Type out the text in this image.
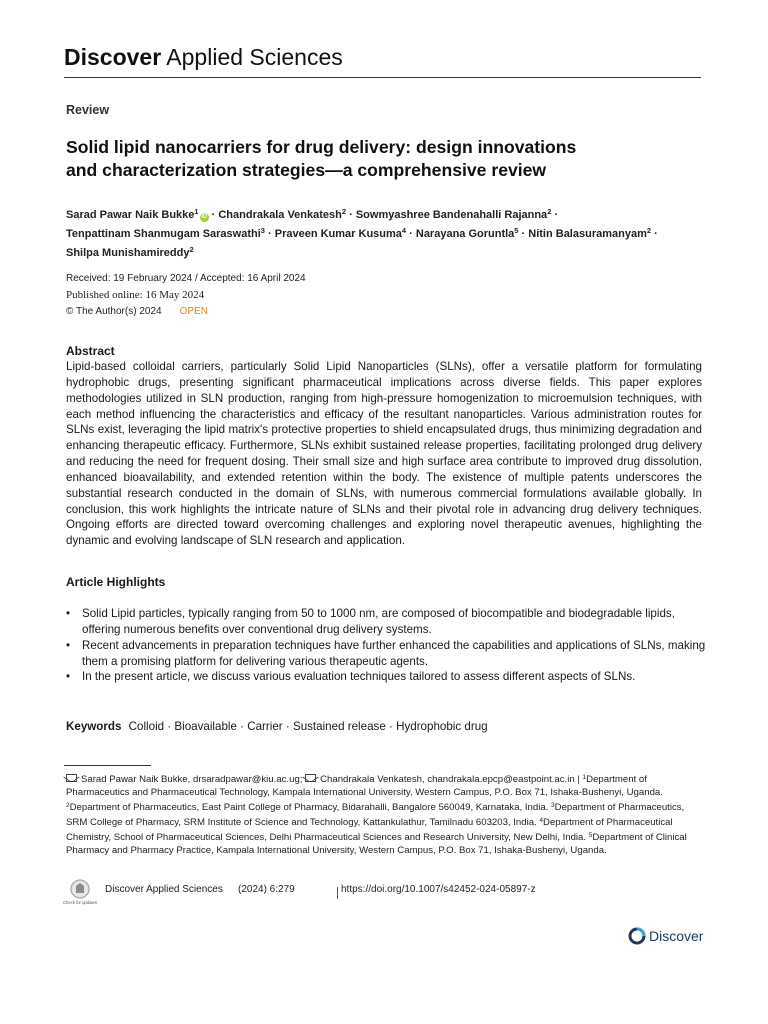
Discover Applied Sciences
Review
Solid lipid nanocarriers for drug delivery: design innovations
and characterization strategies—a comprehensive review
Sarad Pawar Naik Bukke$^1$iD · Chandrakala Venkatesh$^2$ · Sowmyashree Bandenahalli Rajanna$^2$ ·
Tenpattinam Shanmugam Saraswathi$^3$ · Praveen Kumar Kusuma$^4$ · Narayana Goruntla$^5$ · Nitin Balasuramanyam$^2$ ·
Shilpa Munishamireddy$^2$
Received: 19 February 2024 / Accepted: 16 April 2024
Published online: 16 May 2024
© The Author(s) 2024 OPEN
Abstract
Lipid-based colloidal carriers, particularly Solid Lipid Nanoparticles (SLNs), offer a versatile platform for formulating hydrophobic drugs, presenting significant pharmaceutical implications across diverse fields. This paper explores methodologies utilized in SLN production, ranging from high-pressure homogenization to microemulsion techniques, with each method influencing the characteristics and efficacy of the resultant nanoparticles. Various administration routes for SLNs exist, leveraging the lipid matrix's protective properties to shield encapsulated drugs, thus minimizing degradation and enhancing therapeutic efficacy. Furthermore, SLNs exhibit sustained release properties, facilitating prolonged drug delivery and reducing the need for frequent dosing. Their small size and high surface area contribute to improved drug dissolution, enhanced bioavailability, and extended retention within the body. The existence of multiple patents underscores the substantial research conducted in the domain of SLNs, with numerous commercial formulations available globally. In conclusion, this work highlights the intricate nature of SLNs and their pivotal role in advancing drug delivery techniques. Ongoing efforts are directed toward overcoming challenges and exploring novel therapeutic avenues, highlighting the dynamic and evolving landscape of SLN research and application.
Article Highlights
• Solid Lipid particles, typically ranging from 50 to 1000 nm, are composed of biocompatible and biodegradable lipids, offering numerous benefits over conventional drug delivery systems.
• Recent advancements in preparation techniques have further enhanced the capabilities and applications of SLNs, making them a promising platform for delivering various therapeutic agents.
• In the present article, we discuss various evaluation techniques tailored to assess different aspects of SLNs.
Keywords Colloid · Bioavailable · Carrier · Sustained release · Hydrophobic drug
Sarad Pawar Naik Bukke, drsaradpawar@kiu.ac.ug; Chandrakala Venkatesh, chandrakala.epcp@eastpoint.ac.in | $^1$Department of Pharmaceutics and Pharmaceutical Technology, Kampala International University, Western Campus, P.O. Box 71, Ishaka-Bushenyi, Uganda. $^2$Department of Pharmaceutics, East Paint College of Pharmacy, Bidarahalli, Bangalore 560049, Karnataka, India. $^3$Department of Pharmaceutics, SRM College of Pharmacy, SRM Institute of Science and Technology, Kattankulathur, Tamilnadu 603203, India. $^4$Department of Pharmaceutical Chemistry, School of Pharmaceutical Sciences, Delhi Pharmaceutical Sciences and Research University, New Delhi, India. $^5$Department of Clinical Pharmacy and Pharmacy Practice, Kampala International University, Western Campus, P.O. Box 71, Ishaka-Bushenyi, Uganda.
Check for updates
Discover Applied Sciences (2024) 6:279	https://doi.org/10.1007/s42452-024-05897-z
Discover
